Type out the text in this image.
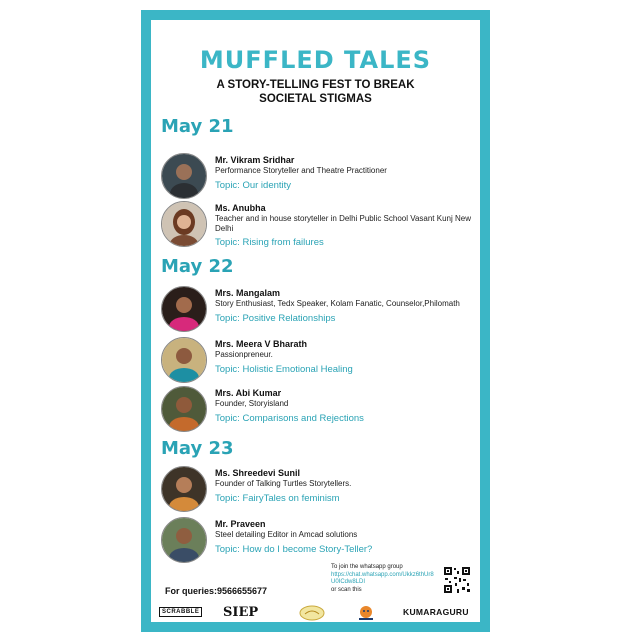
MUFFLED TALES
A STORY-TELLING FEST TO BREAK
SOCIETAL STIGMAS
May 21
Mr. Vikram Sridhar
Performance Storyteller and Theatre Practitioner
Topic: Our identity
Ms. Anubha
Teacher and in house storyteller in Delhi Public School Vasant Kunj New Delhi
Topic: Rising from failures
May 22
Mrs. Mangalam
Story Enthusiast, Tedx Speaker, Kolam Fanatic, Counselor,Philomath
Topic: Positive Relationships
Mrs. Meera V Bharath
Passionpreneur.
Topic: Holistic Emotional Healing
Mrs. Abi Kumar
Founder, Storyisland
Topic: Comparisons and Rejections
May 23
Ms. Shreedevi Sunil
Founder of Talking Turtles Storytellers.
Topic: FairyTales on feminism
Mr. Praveen
Steel detailing Editor in Amcad solutions
Topic: How do I become Story-Teller?
For queries:9566655677
To join the whatsapp group
https://chat.whatsapp.com/Ukkz6thUr8U0ICdw8LDI
or scan this
SCRABBLE SIEP	KUMARAGURU
